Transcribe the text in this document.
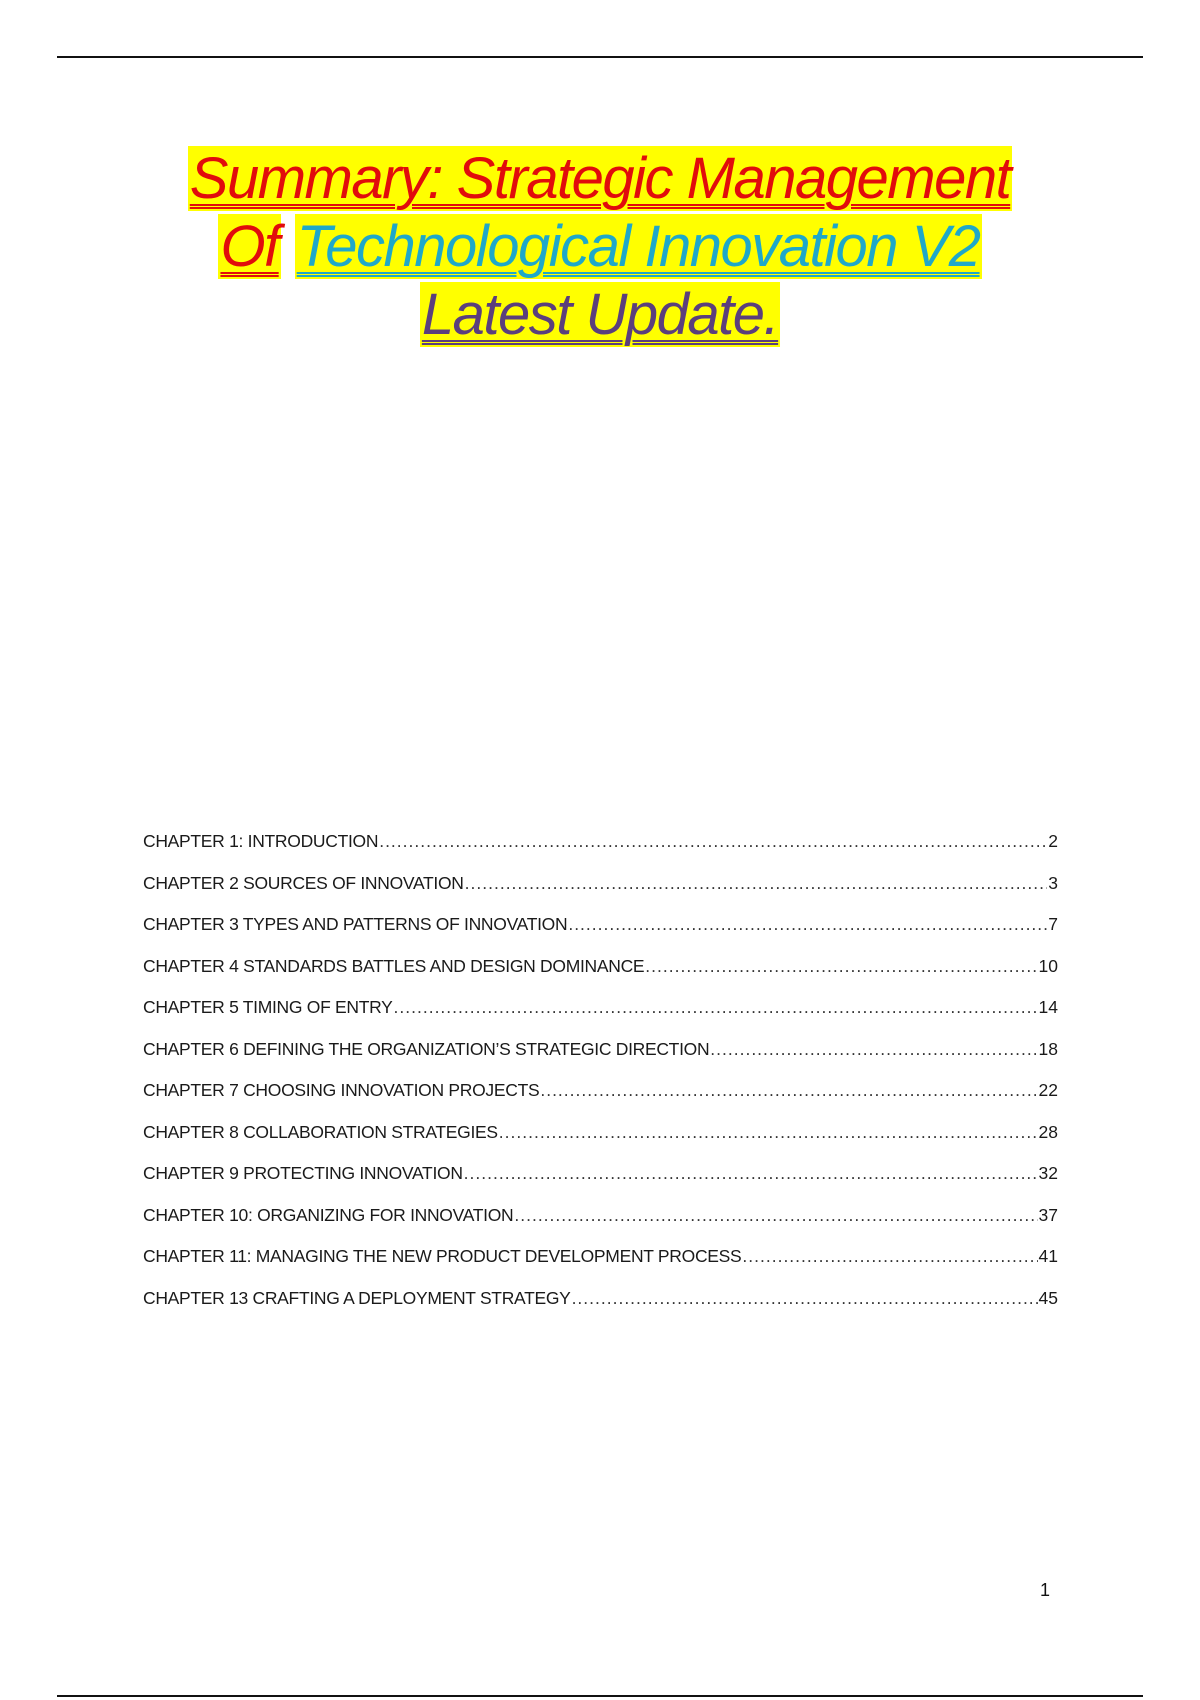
Summary: Strategic Management
Of Technological Innovation V2
Latest Update.
CHAPTER 1: INTRODUCTION .....	2
CHAPTER 2 SOURCES OF INNOVATION .....	3
CHAPTER 3 TYPES AND PATTERNS OF INNOVATION .....	7
CHAPTER 4 STANDARDS BATTLES AND DESIGN DOMINANCE .....	10
CHAPTER 5 TIMING OF ENTRY .....	14
CHAPTER 6 DEFINING THE ORGANIZATION’S STRATEGIC DIRECTION .....	18
CHAPTER 7 CHOOSING INNOVATION PROJECTS .....	22
CHAPTER 8 COLLABORATION STRATEGIES .....	28
CHAPTER 9 PROTECTING INNOVATION .....	32
CHAPTER 10: ORGANIZING FOR INNOVATION .....	37
CHAPTER 11: MANAGING THE NEW PRODUCT DEVELOPMENT PROCESS .....	41
CHAPTER 13 CRAFTING A DEPLOYMENT STRATEGY .....	45
1
